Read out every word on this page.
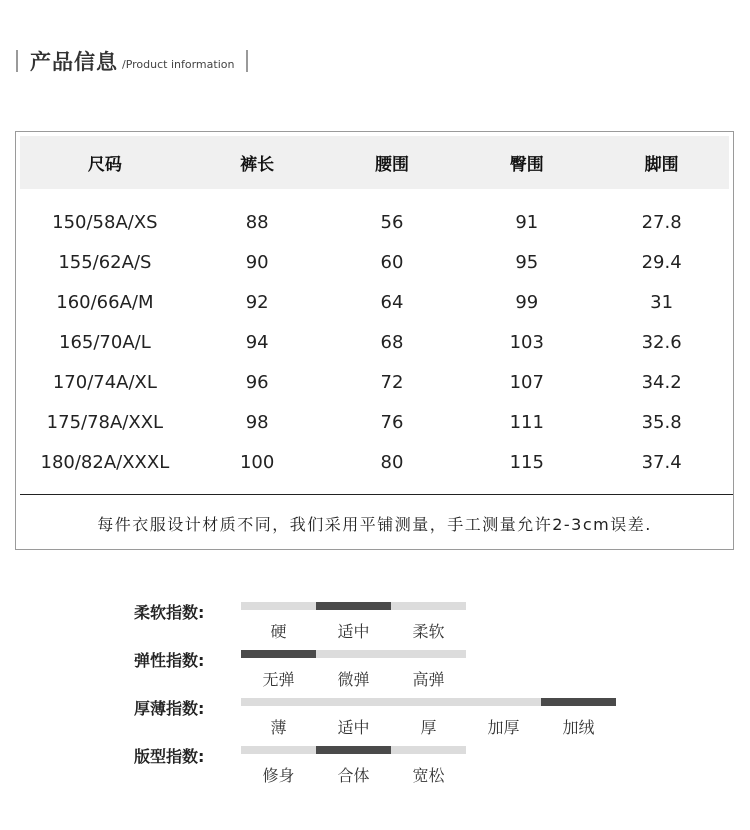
产品信息 /Product information
尺码	裤长	腰围	臀围	脚围
150/58A/XS	88	56	91	27.8
155/62A/S	90	60	95	29.4
160/66A/M	92	64	99	31
165/70A/L	94	68	103	32.6
170/74A/XL	96	72	107	34.2
175/78A/XXL	98	76	111	35.8
180/82A/XXXL	100	80	115	37.4
每件衣服设计材质不同，我们采用平铺测量，手工测量允许2-3cm误差.
柔软指数:
硬	适中	柔软
弹性指数:
无弹	微弹	高弹
厚薄指数:
薄	适中	厚	加厚	加绒
版型指数:
修身	合体	宽松
